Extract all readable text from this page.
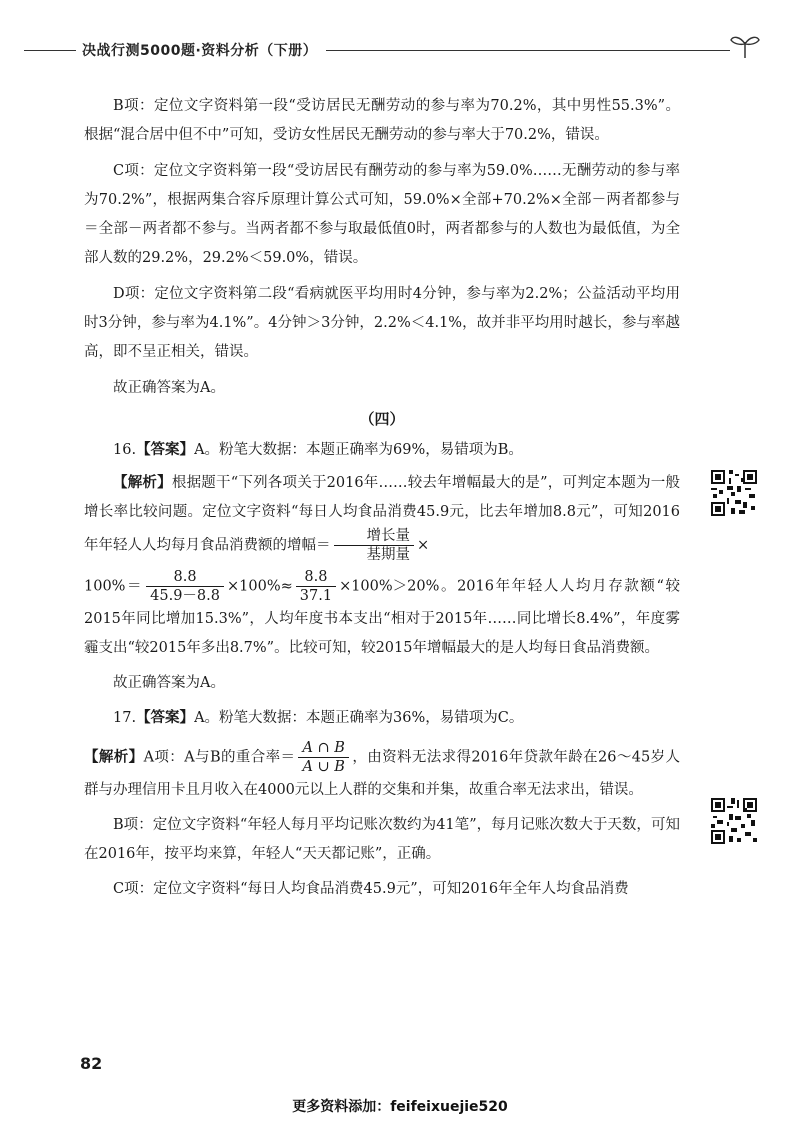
决战行测5000题·资料分析（下册）

B项：定位文字资料第一段“受访居民无酬劳动的参与率为70.2%，其中男性55.3%”。根据“混合居中但不中”可知，受访女性居民无酬劳动的参与率大于70.2%，错误。

C项：定位文字资料第一段“受访居民有酬劳动的参与率为59.0%……无酬劳动的参与率为70.2%”，根据两集合容斥原理计算公式可知，59.0%×全部+70.2%×全部－两者都参与＝全部－两者都不参与。当两者都不参与取最低值0时，两者都参与的人数也为最低值，为全部人数的29.2%，29.2%＜59.0%，错误。

D项：定位文字资料第二段“看病就医平均用时4分钟，参与率为2.2%；公益活动平均用时3分钟，参与率为4.1%”。4分钟＞3分钟，2.2%＜4.1%，故并非平均用时越长，参与率越高，即不呈正相关，错误。

故正确答案为A。

（四）

16.【答案】A。粉笔大数据：本题正确率为69%，易错项为B。

【解析】根据题干“下列各项关于2016年……较去年增幅最大的是”，可判定本题为一般增长率比较问题。定位文字资料“每日人均食品消费45.9元，比去年增加8.8元”，可知2016年年轻人人均每月食品消费额的增幅＝ $\frac{\text{增长量}}{\text{基期量}}$ ×

$100\%= \frac{8.8}{45.9-8.8} \times 100\%\approx \frac{8.8}{37.1} \times 100\%>20\%$。2016年年轻人人均月存款额“较2015年同比增加15.3%”，人均年度书本支出“相对于2015年……同比增长8.4%”，年度雾霾支出“较2015年多出8.7%”。比较可知，较2015年增幅最大的是人均每日食品消费额。

故正确答案为A。

17.【答案】A。粉笔大数据：本题正确率为36%，易错项为C。

【解析】A项：A与B的重合率＝ $\frac{A \cap B}{A \cup B}$ ，由资料无法求得2016年贷款年龄在26～45岁人群与办理信用卡且月收入在4000元以上人群的交集和并集，故重合率无法求出，错误。

B项：定位文字资料“年轻人每月平均记账次数约为41笔”，每月记账次数大于天数，可知在2016年，按平均来算，年轻人“天天都记账”，正确。

C项：定位文字资料“每日人均食品消费45.9元”，可知2016年全年人均食品消费

82
更多资料添加：feifeixuejie520
